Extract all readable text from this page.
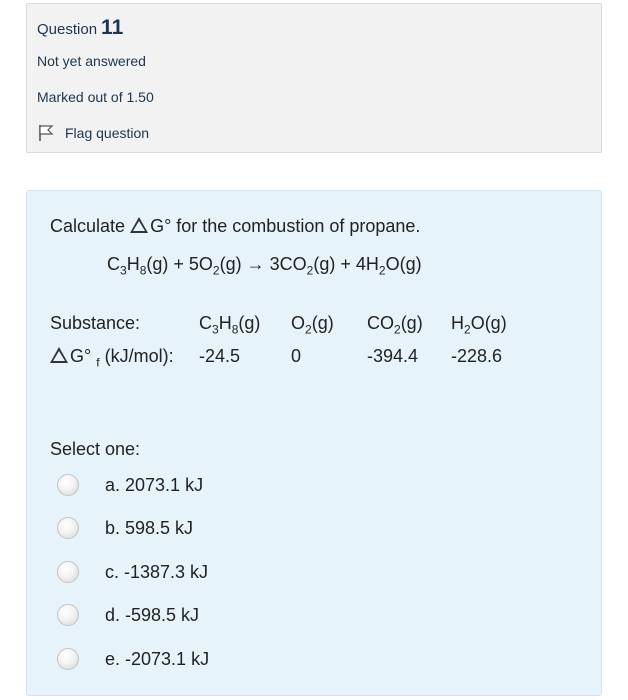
Question 11
Not yet answered
Marked out of 1.50
Flag question
Calculate G° for the combustion of propane.
$C_3H_8(g) + 5O_2(g) \to 3CO_2(g) + 4H_2O(g)$
Substance:	$C_3H_8(g)$ $O_2(g)$ $CO_2(g)$ $H_2O(g)$
G° $_f$ (kJ/mol): -24.5	0	-394.4 -228.6
Select one:
a. 2073.1 kJ
b. 598.5 kJ
c. -1387.3 kJ
d. -598.5 kJ
e. -2073.1 kJ
